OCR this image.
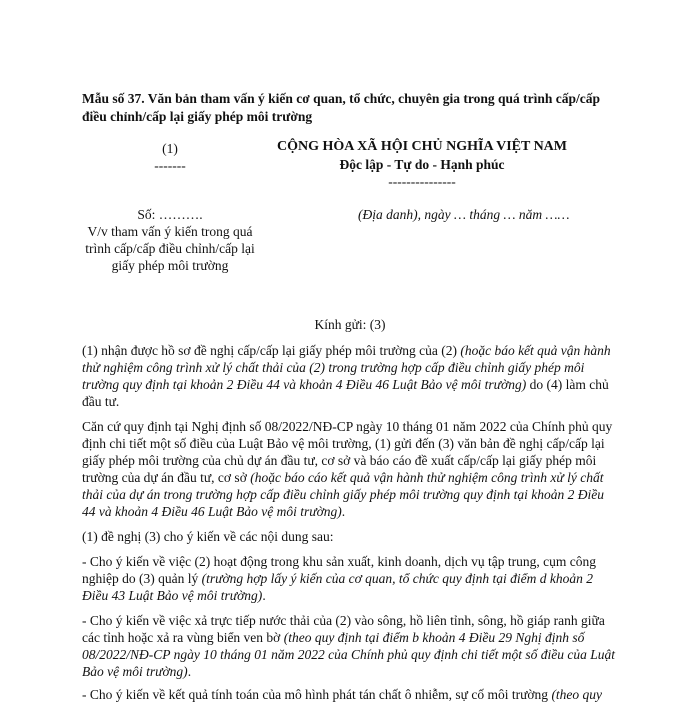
Mẫu số 37. Văn bản tham vấn ý kiến cơ quan, tổ chức, chuyên gia trong quá trình cấp/cấp điều chỉnh/cấp lại giấy phép môi trường
(1)
-------
CỘNG HÒA XÃ HỘI CHỦ NGHĨA VIỆT NAM
Độc lập - Tự do - Hạnh phúc
---------------
Số: ……….
V/v tham vấn ý kiến trong quá trình cấp/cấp điều chỉnh/cấp lại giấy phép môi trường
(Địa danh), ngày … tháng … năm ……
Kính gửi: (3)
(1) nhận được hồ sơ đề nghị cấp/cấp lại giấy phép môi trường của (2) (hoặc báo kết quả vận hành thử nghiệm công trình xử lý chất thải của (2) trong trường hợp cấp điều chỉnh giấy phép môi trường quy định tại khoản 2 Điều 44 và khoản 4 Điều 46 Luật Bảo vệ môi trường) do (4) làm chủ đầu tư.
Căn cứ quy định tại Nghị định số 08/2022/NĐ-CP ngày 10 tháng 01 năm 2022 của Chính phủ quy định chi tiết một số điều của Luật Bảo vệ môi trường, (1) gửi đến (3) văn bản đề nghị cấp/cấp lại giấy phép môi trường của chủ dự án đầu tư, cơ sở và báo cáo đề xuất cấp/cấp lại giấy phép môi trường của dự án đầu tư, cơ sở (hoặc báo cáo kết quả vận hành thử nghiệm công trình xử lý chất thải của dự án trong trường hợp cấp điều chỉnh giấy phép môi trường quy định tại khoản 2 Điều 44 và khoản 4 Điều 46 Luật Bảo vệ môi trường).
(1) đề nghị (3) cho ý kiến về các nội dung sau:
- Cho ý kiến về việc (2) hoạt động trong khu sản xuất, kinh doanh, dịch vụ tập trung, cụm công nghiệp do (3) quản lý (trường hợp lấy ý kiến của cơ quan, tổ chức quy định tại điểm d khoản 2 Điều 43 Luật Bảo vệ môi trường).
- Cho ý kiến về việc xả trực tiếp nước thải của (2) vào sông, hồ liên tỉnh, sông, hồ giáp ranh giữa các tỉnh hoặc xả ra vùng biển ven bờ (theo quy định tại điểm b khoản 4 Điều 29 Nghị định số 08/2022/NĐ-CP ngày 10 tháng 01 năm 2022 của Chính phủ quy định chi tiết một số điều của Luật Bảo vệ môi trường).
- Cho ý kiến về kết quả tính toán của mô hình phát tán chất ô nhiễm, sự cố môi trường (theo quy
